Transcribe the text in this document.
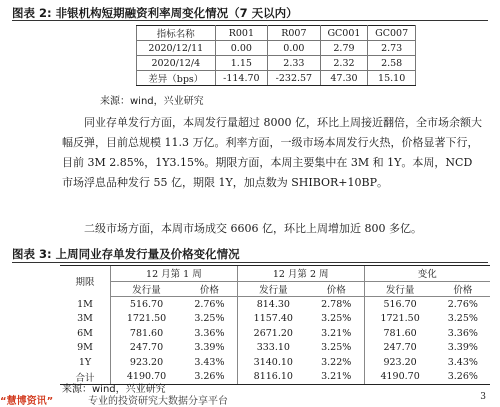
图表 2: 非银机构短期融资利率周变化情况（7 天以内）
指标名称	R001	R007	GC001	GC007
2020/12/11	0.00	0.00	2.79	2.73
2020/12/4	1.15	2.33	2.32	2.58
差异（bps）	-114.70	-232.57	47.30	15.10
来源：wind，兴业研究
同业存单发行方面，本周发行量超过 8000 亿，环比上周接近翻倍，全市场余额大幅反弹，目前总规模 11.3 万亿。利率方面，一级市场本周发行火热，价格显著下行，目前 3M 2.85%，1Y3.15%。期限方面，本周主要集中在 3M 和 1Y。本周，NCD 市场浮息品种发行 55 亿，期限 1Y，加点数为 SHIBOR+10BP。
二级市场方面，本周市场成交 6606 亿，环比上周增加近 800 多亿。
图表 3: 上周同业存单发行量及价格变化情况
期限	12 月第 1 周		12 月第 2 周		变化	
	发行量	价格	发行量	价格	发行量	价格
1M	516.70	2.76%	814.30	2.78%	516.70	2.76%
3M	1721.50	3.25%	1157.40	3.25%	1721.50	3.25%
6M	781.60	3.36%	2671.20	3.21%	781.60	3.36%
9M	247.70	3.39%	333.10	3.25%	247.70	3.39%
1Y	923.20	3.43%	3140.10	3.22%	923.20	3.43%
合计	4190.70	3.26%	8116.10	3.21%	4190.70	3.26%
来源：wind，兴业研究
“慧博资讯”	专业的投资研究大数据分享平台	3
